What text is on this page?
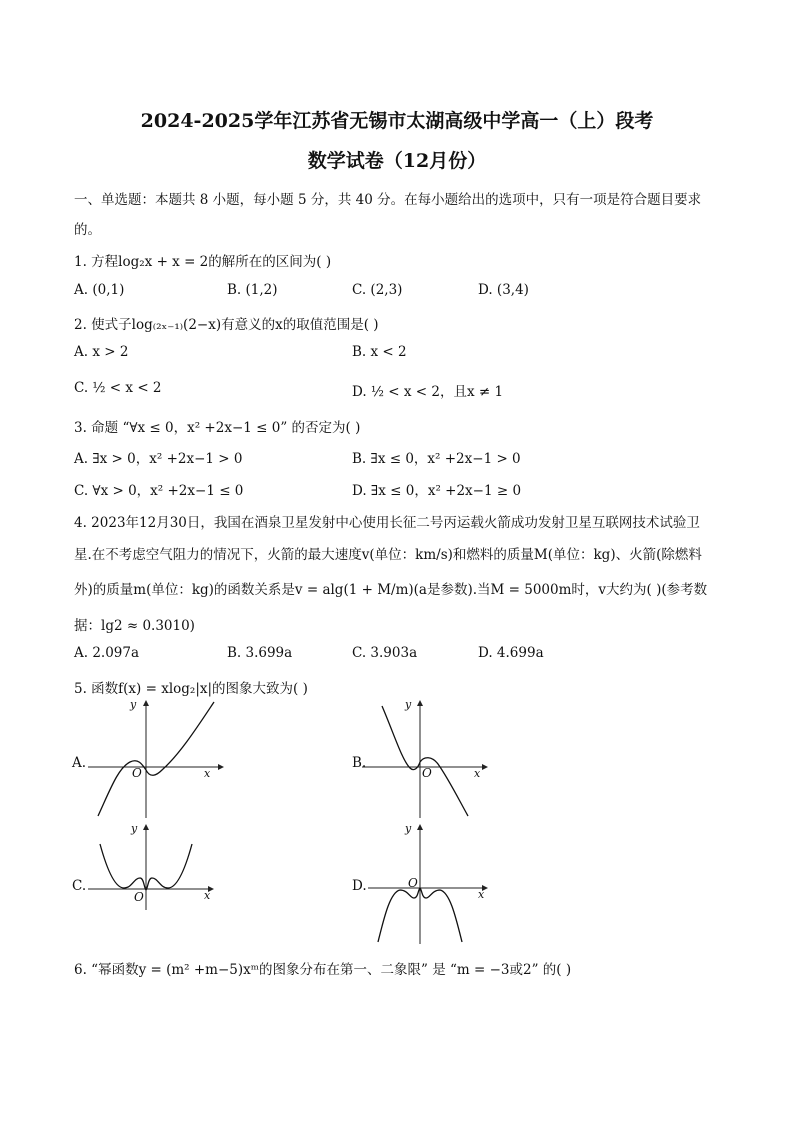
2024-2025学年江苏省无锡市太湖高级中学高一（上）段考
数学试卷（12月份）
一、单选题：本题共 8 小题，每小题 5 分，共 40 分。在每小题给出的选项中，只有一项是符合题目要求
的。
1. 方程log₂x + x = 2的解所在的区间为( )
A. (0,1)	B. (1,2)	C. (2,3)	D. (3,4)
2. 使式子log₍₂ₓ₋₁₎(2−x)有意义的x的取值范围是( )
A. x > 2	B. x < 2
C. ½ < x < 2	D. ½ < x < 2，且x ≠ 1
3. 命题 “∀x ≤ 0，x² +2x−1 ≤ 0” 的否定为( )
A. ∃x > 0，x² +2x−1 > 0	B. ∃x ≤ 0，x² +2x−1 > 0
C. ∀x > 0，x² +2x−1 ≤ 0	D. ∃x ≤ 0，x² +2x−1 ≥ 0
4. 2023年12月30日，我国在酒泉卫星发射中心使用长征二号丙运载火箭成功发射卫星互联网技术试验卫
星.在不考虑空气阻力的情况下，火箭的最大速度v(单位：km/s)和燃料的质量M(单位：kg)、火箭(除燃料
外)的质量m(单位：kg)的函数关系是v = alg(1 + M/m)(a是参数).当M = 5000m时，v大约为( )(参考数
据：lg2 ≈ 0.3010)
A. 2.097a	B. 3.699a	C. 3.903a	D. 4.699a
5. 函数f(x) = xlog₂|x|的图象大致为( )
A.
y
x
O
B.
y
x
O
C.
y
x
O
D.
y
x
O
6. “幂函数y = (m² +m−5)xᵐ的图象分布在第一、二象限” 是 “m = −3或2” 的( )
